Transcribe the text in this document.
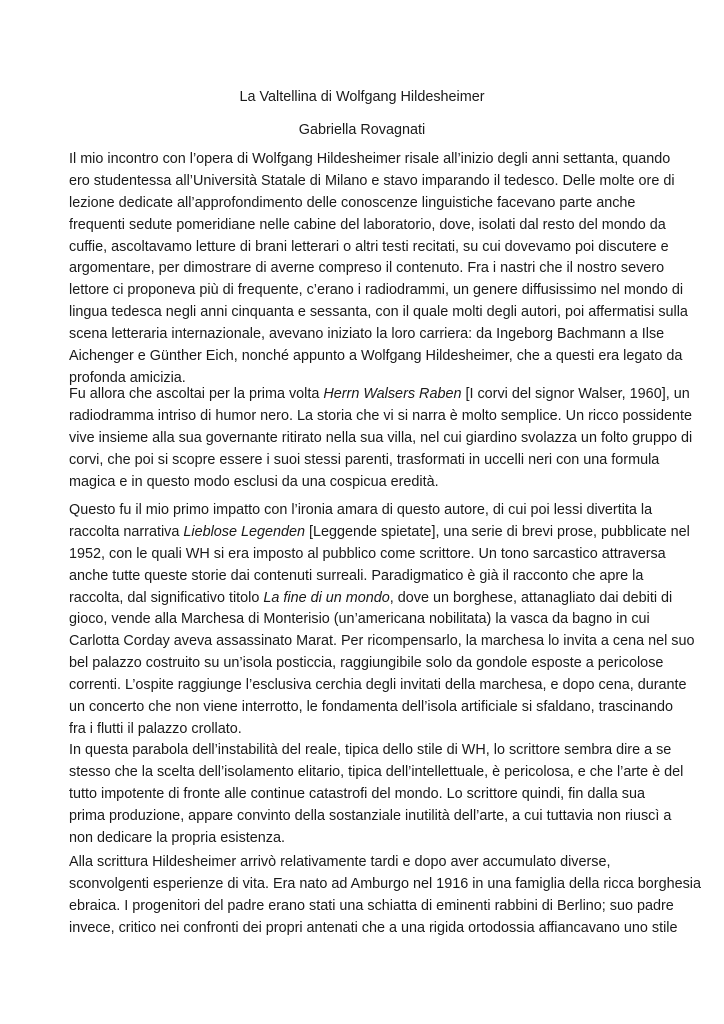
La Valtellina di Wolfgang Hildesheimer
Gabriella Rovagnati
Il mio incontro con l’opera di Wolfgang Hildesheimer risale all’inizio degli anni settanta, quando
ero studentessa all’Università Statale di Milano e stavo imparando il tedesco. Delle molte ore di
lezione dedicate all’approfondimento delle conoscenze linguistiche facevano parte anche
frequenti sedute pomeridiane nelle cabine del laboratorio, dove, isolati dal resto del mondo da
cuffie, ascoltavamo letture di brani letterari o altri testi recitati, su cui dovevamo poi discutere e
argomentare, per dimostrare di averne compreso il contenuto. Fra i nastri che il nostro severo
lettore ci proponeva più di frequente, c’erano i radiodrammi, un genere diffusissimo nel mondo di
lingua tedesca negli anni cinquanta e sessanta, con il quale molti degli autori, poi affermatisi sulla
scena letteraria internazionale, avevano iniziato la loro carriera: da Ingeborg Bachmann a Ilse
Aichenger e Günther Eich, nonché appunto a Wolfgang Hildesheimer, che a questi era legato da
profonda amicizia.
Fu allora che ascoltai per la prima volta Herrn Walsers Raben [I corvi del signor Walser, 1960], un
radiodramma intriso di humor nero. La storia che vi si narra è molto semplice. Un ricco possidente
vive insieme alla sua governante ritirato nella sua villa, nel cui giardino svolazza un folto gruppo di
corvi, che poi si scopre essere i suoi stessi parenti, trasformati in uccelli neri con una formula
magica e in questo modo esclusi da una cospicua eredità.
Questo fu il mio primo impatto con l’ironia amara di questo autore, di cui poi lessi divertita la
raccolta narrativa Lieblose Legenden [Leggende spietate], una serie di brevi prose, pubblicate nel
1952, con le quali WH si era imposto al pubblico come scrittore. Un tono sarcastico attraversa
anche tutte queste storie dai contenuti surreali. Paradigmatico è già il racconto che apre la
raccolta, dal significativo titolo La fine di un mondo, dove un borghese, attanagliato dai debiti di
gioco, vende alla Marchesa di Monterisio (un’americana nobilitata) la vasca da bagno in cui
Carlotta Corday aveva assassinato Marat. Per ricompensarlo, la marchesa lo invita a cena nel suo
bel palazzo costruito su un’isola posticcia, raggiungibile solo da gondole esposte a pericolose
correnti. L’ospite raggiunge l’esclusiva cerchia degli invitati della marchesa, e dopo cena, durante
un concerto che non viene interrotto, le fondamenta dell’isola artificiale si sfaldano, trascinando
fra i flutti il palazzo crollato.
In questa parabola dell’instabilità del reale, tipica dello stile di WH, lo scrittore sembra dire a se
stesso che la scelta dell’isolamento elitario, tipica dell’intellettuale, è pericolosa, e che l’arte è del
tutto impotente di fronte alle continue catastrofi del mondo. Lo scrittore quindi, fin dalla sua
prima produzione, appare convinto della sostanziale inutilità dell’arte, a cui tuttavia non riuscì a
non dedicare la propria esistenza.
Alla scrittura Hildesheimer arrivò relativamente tardi e dopo aver accumulato diverse,
sconvolgenti esperienze di vita. Era nato ad Amburgo nel 1916 in una famiglia della ricca borghesia
ebraica. I progenitori del padre erano stati una schiatta di eminenti rabbini di Berlino; suo padre
invece, critico nei confronti dei propri antenati che a una rigida ortodossia affiancavano uno stile
